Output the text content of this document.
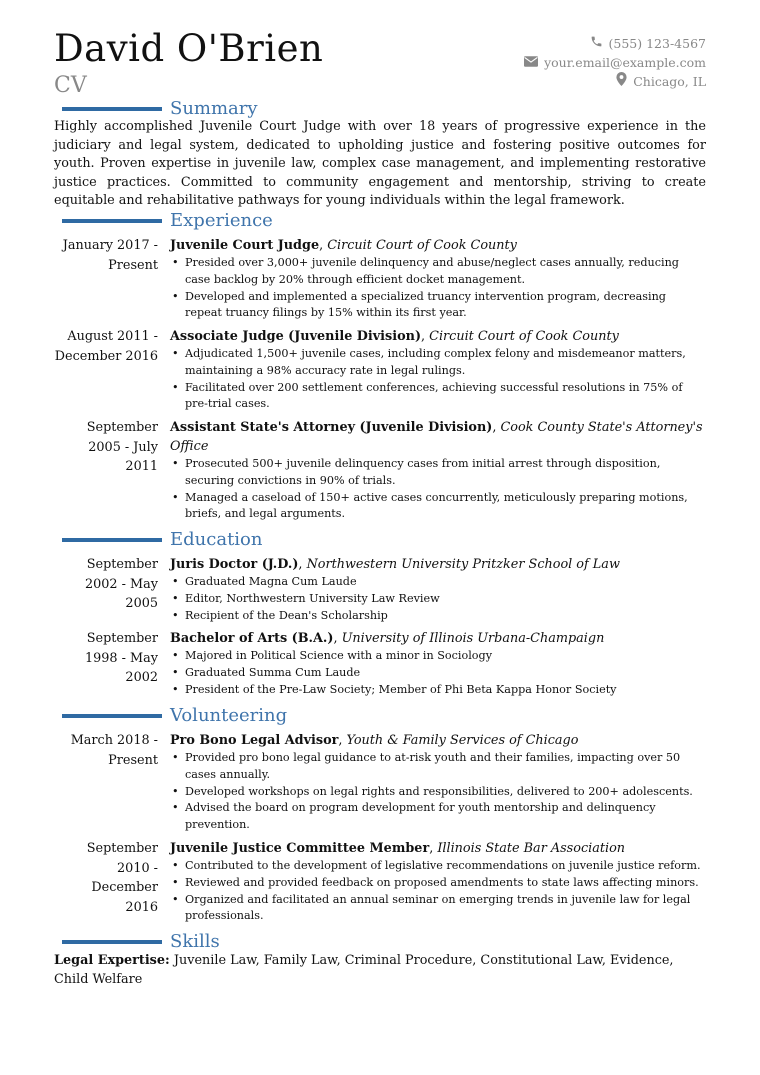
David O'Brien
CV
(555) 123-4567
your.email@example.com
Chicago, IL
Summary
Highly accomplished Juvenile Court Judge with over 18 years of progressive experience in the judiciary and legal system, dedicated to upholding justice and fostering positive outcomes for youth. Proven expertise in juvenile law, complex case management, and implementing restorative justice practices. Committed to community engagement and mentorship, striving to create equitable and rehabilitative pathways for young individuals within the legal framework.
Experience
January 2017 - Present
Juvenile Court Judge, Circuit Court of Cook County
• Presided over 3,000+ juvenile delinquency and abuse/neglect cases annually, reducing case backlog by 20% through efficient docket management.
• Developed and implemented a specialized truancy intervention program, decreasing repeat truancy filings by 15% within its first year.
August 2011 - December 2016
Associate Judge (Juvenile Division), Circuit Court of Cook County
• Adjudicated 1,500+ juvenile cases, including complex felony and misdemeanor matters, maintaining a 98% accuracy rate in legal rulings.
• Facilitated over 200 settlement conferences, achieving successful resolutions in 75% of pre-trial cases.
September 2005 - July 2011
Assistant State's Attorney (Juvenile Division), Cook County State's Attorney's Office
• Prosecuted 500+ juvenile delinquency cases from initial arrest through disposition, securing convictions in 90% of trials.
• Managed a caseload of 150+ active cases concurrently, meticulously preparing motions, briefs, and legal arguments.
Education
September 2002 - May 2005
Juris Doctor (J.D.), Northwestern University Pritzker School of Law
• Graduated Magna Cum Laude
• Editor, Northwestern University Law Review
• Recipient of the Dean's Scholarship
September 1998 - May 2002
Bachelor of Arts (B.A.), University of Illinois Urbana-Champaign
• Majored in Political Science with a minor in Sociology
• Graduated Summa Cum Laude
• President of the Pre-Law Society; Member of Phi Beta Kappa Honor Society
Volunteering
March 2018 - Present
Pro Bono Legal Advisor, Youth & Family Services of Chicago
• Provided pro bono legal guidance to at-risk youth and their families, impacting over 50 cases annually.
• Developed workshops on legal rights and responsibilities, delivered to 200+ adolescents.
• Advised the board on program development for youth mentorship and delinquency prevention.
September 2010 - December 2016
Juvenile Justice Committee Member, Illinois State Bar Association
• Contributed to the development of legislative recommendations on juvenile justice reform.
• Reviewed and provided feedback on proposed amendments to state laws affecting minors.
• Organized and facilitated an annual seminar on emerging trends in juvenile law for legal professionals.
Skills
Legal Expertise: Juvenile Law, Family Law, Criminal Procedure, Constitutional Law, Evidence, Child Welfare
